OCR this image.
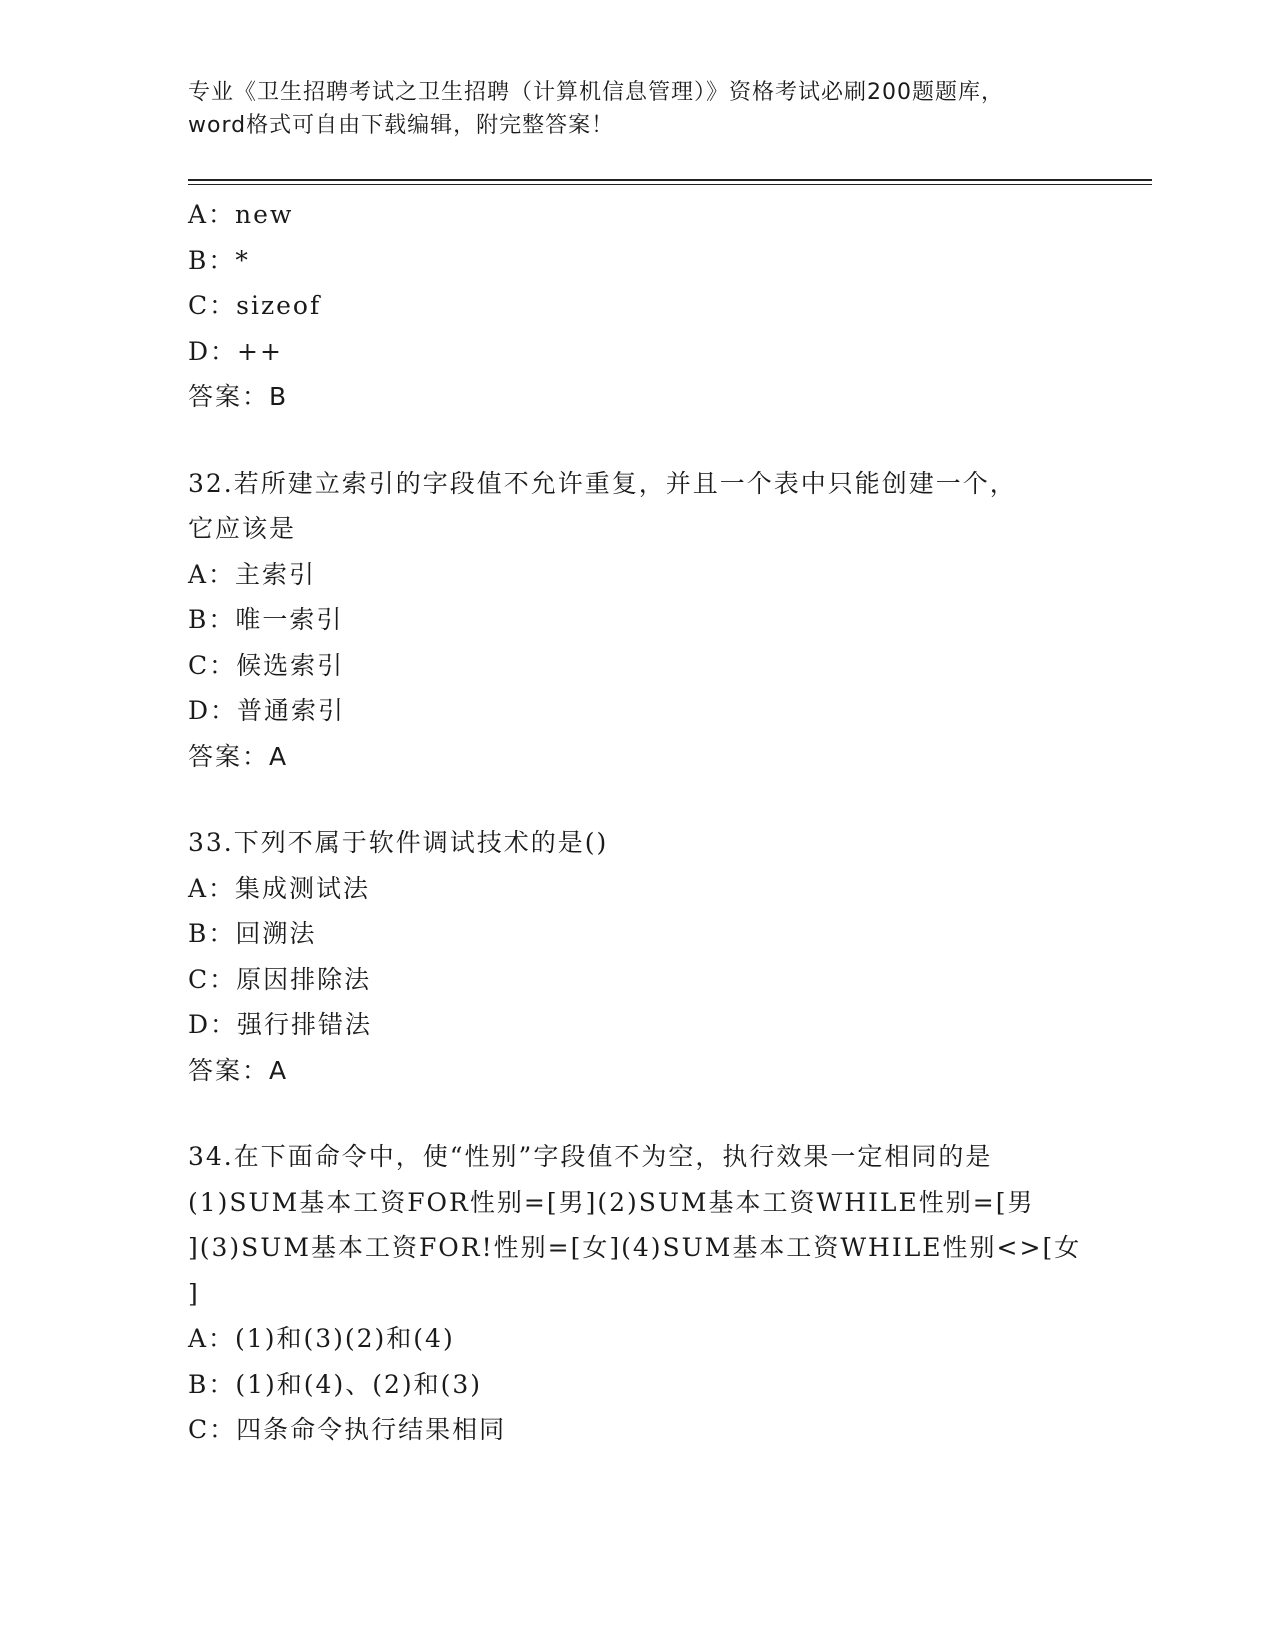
专业《卫生招聘考试之卫生招聘（计算机信息管理）》资格考试必刷200题题库，
word格式可自由下载编辑，附完整答案！
A：new
B：*
C：sizeof
D：++
答案：B
32.若所建立索引的字段值不允许重复，并且一个表中只能创建一个，
它应该是
A：主索引
B：唯一索引
C：候选索引
D：普通索引
答案：A
33.下列不属于软件调试技术的是()
A：集成测试法
B：回溯法
C：原因排除法
D：强行排错法
答案：A
34.在下面命令中，使“性别”字段值不为空，执行效果一定相同的是
(1)SUM基本工资FOR性别=[男](2)SUM基本工资WHILE性别=[男
](3)SUM基本工资FOR!性别=[女](4)SUM基本工资WHILE性别<>[女
]
A：(1)和(3)(2)和(4)
B：(1)和(4)、(2)和(3)
C：四条命令执行结果相同
